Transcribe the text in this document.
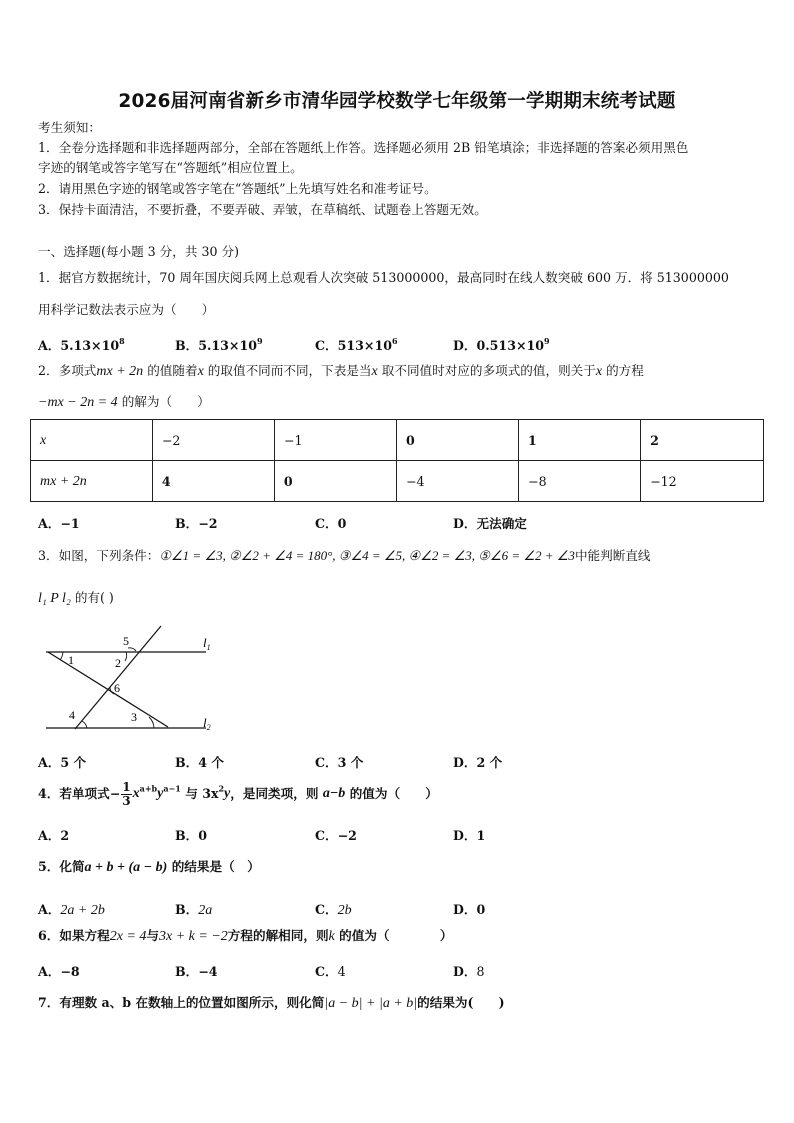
2026届河南省新乡市清华园学校数学七年级第一学期期末统考试题
考生须知：
1．全卷分选择题和非选择题两部分，全部在答题纸上作答。选择题必须用 2B 铅笔填涂；非选择题的答案必须用黑色
字迹的钢笔或答字笔写在“答题纸”相应位置上。
2．请用黑色字迹的钢笔或答字笔在“答题纸”上先填写姓名和准考证号。
3．保持卡面清洁，不要折叠，不要弄破、弄皱，在草稿纸、试题卷上答题无效。
一、选择题(每小题 3 分，共 30 分)
1．据官方数据统计，70 周年国庆阅兵网上总观看人次突破 513000000，最高同时在线人数突破 600 万．将 513000000
用科学记数法表示应为（　　）
A．$5.13\times 10^8$	B．$5.13\times 10^9$	C．$513\times 10^6$	D．$0.513\times 10^9$
2．多项式mx + 2n 的值随着x 的取值不同而不同，下表是当x 取不同值时对应的多项式的值，则关于x 的方程
−mx − 2n = 4 的解为（　　）
x	−2	−1	0	1	2
mx + 2n	4	0	−4	−8	−12
A．−1	B．−2	C．0	D．无法确定
3．如图，下列条件：①∠1 = ∠3, ②∠2 + ∠4 = 180°, ③∠4 = ∠5, ④∠2 = ∠3, ⑤∠6 = ∠2 + ∠3中能判断直线
l₁ P l₂ 的有( )
$l_1$
$l_2$
1	2
3
4
5
6
A．5 个	B．4 个	C．3 个	D．2 个
4．若单项式− $\frac{1}{3} x^{a+b}y^{a-1}$ 与 $3x^2y$，是同类项，则 a−b 的值为（　　）
A．2	B．0	C．−2	D．1
5．化简a + b + (a − b) 的结果是（　）
A．2a + 2b	B．2a	C．2b	D．0
6．如果方程2x = 4与3x + k = −2方程的解相同，则k 的值为（　　　　）
A．−8	B．−4	C．4	D．8
7．有理数 a、b 在数轴上的位置如图所示，则化简|a − b| + |a + b|的结果为(　　)
